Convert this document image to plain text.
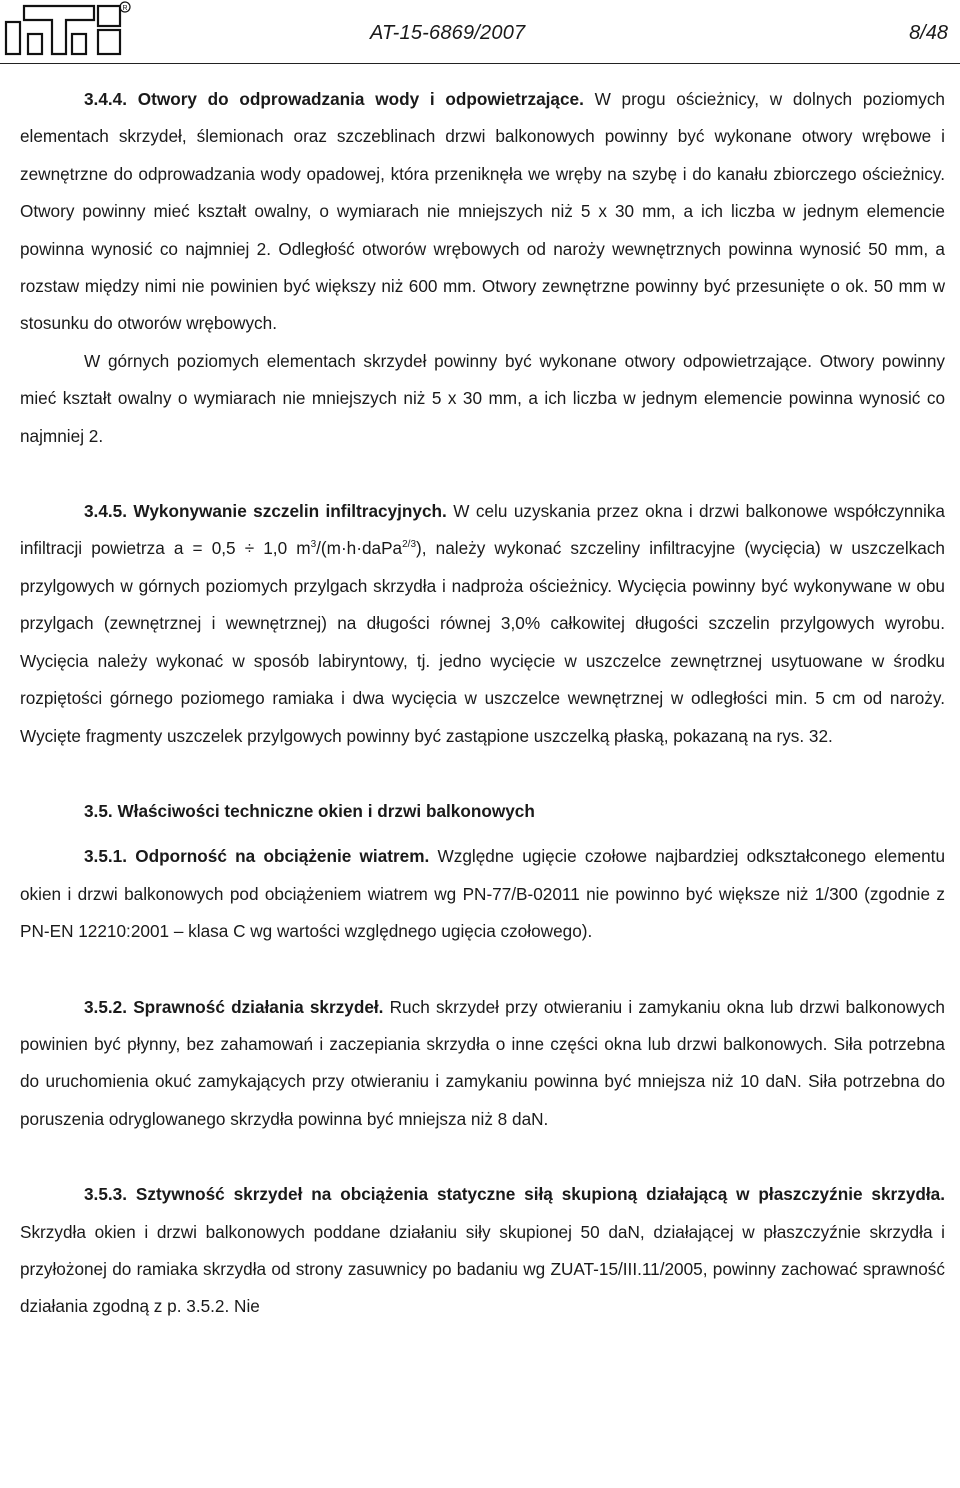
R
AT-15-6869/2007	8/48

3.4.4. Otwory do odprowadzania wody i odpowietrzające. W progu ościeżnicy, w dolnych poziomych elementach skrzydeł, ślemionach oraz szczeblinach drzwi balkonowych powinny być wykonane otwory wrębowe i zewnętrzne do odprowadzania wody opadowej, która przeniknęła we wręby na szybę i do kanału zbiorczego ościeżnicy. Otwory powinny mieć kształt owalny, o wymiarach nie mniejszych niż 5 x 30 mm, a ich liczba w jednym elemencie powinna wynosić co najmniej 2. Odległość otworów wrębowych od naroży wewnętrznych powinna wynosić 50 mm, a rozstaw między nimi nie powinien być większy niż 600 mm. Otwory zewnętrzne powinny być przesunięte o ok. 50 mm w stosunku do otworów wrębowych.

W górnych poziomych elementach skrzydeł powinny być wykonane otwory odpowietrzające. Otwory powinny mieć kształt owalny o wymiarach nie mniejszych niż 5 x 30 mm, a ich liczba w jednym elemencie powinna wynosić co najmniej 2.

3.4.5. Wykonywanie szczelin infiltracyjnych. W celu uzyskania przez okna i drzwi balkonowe współczynnika infiltracji powietrza a = 0,5 ÷ 1,0 $m^3/(m\cdot h\cdot daPa^{2/3})$, należy wykonać szczeliny infiltracyjne (wycięcia) w uszczelkach przylgowych w górnych poziomych przylgach skrzydła i nadproża ościeżnicy. Wycięcia powinny być wykonywane w obu przylgach (zewnętrznej i wewnętrznej) na długości równej 3,0% całkowitej długości szczelin przylgowych wyrobu. Wycięcia należy wykonać w sposób labiryntowy, tj. jedno wycięcie w uszczelce zewnętrznej usytuowane w środku rozpiętości górnego poziomego ramiaka i dwa wycięcia w uszczelce wewnętrznej w odległości min. 5 cm od naroży. Wycięte fragmenty uszczelek przylgowych powinny być zastąpione uszczelką płaską, pokazaną na rys. 32.

3.5. Właściwości techniczne okien i drzwi balkonowych

3.5.1. Odporność na obciążenie wiatrem. Względne ugięcie czołowe najbardziej odkształconego elementu okien i drzwi balkonowych pod obciążeniem wiatrem wg PN-77/B-02011 nie powinno być większe niż 1/300 (zgodnie z PN-EN 12210:2001 – klasa C wg wartości względnego ugięcia czołowego).

3.5.2. Sprawność działania skrzydeł. Ruch skrzydeł przy otwieraniu i zamykaniu okna lub drzwi balkonowych powinien być płynny, bez zahamowań i zaczepiania skrzydła o inne części okna lub drzwi balkonowych. Siła potrzebna do uruchomienia okuć zamykających przy otwieraniu i zamykaniu powinna być mniejsza niż 10 daN. Siła potrzebna do poruszenia odryglowanego skrzydła powinna być mniejsza niż 8 daN.

3.5.3. Sztywność skrzydeł na obciążenia statyczne siłą skupioną działającą w płaszczyźnie skrzydła. Skrzydła okien i drzwi balkonowych poddane działaniu siły skupionej 50 daN, działającej w płaszczyźnie skrzydła i przyłożonej do ramiaka skrzydła od strony zasuwnicy po badaniu wg ZUAT-15/III.11/2005, powinny zachować sprawność działania zgodną z p. 3.5.2. Nie
